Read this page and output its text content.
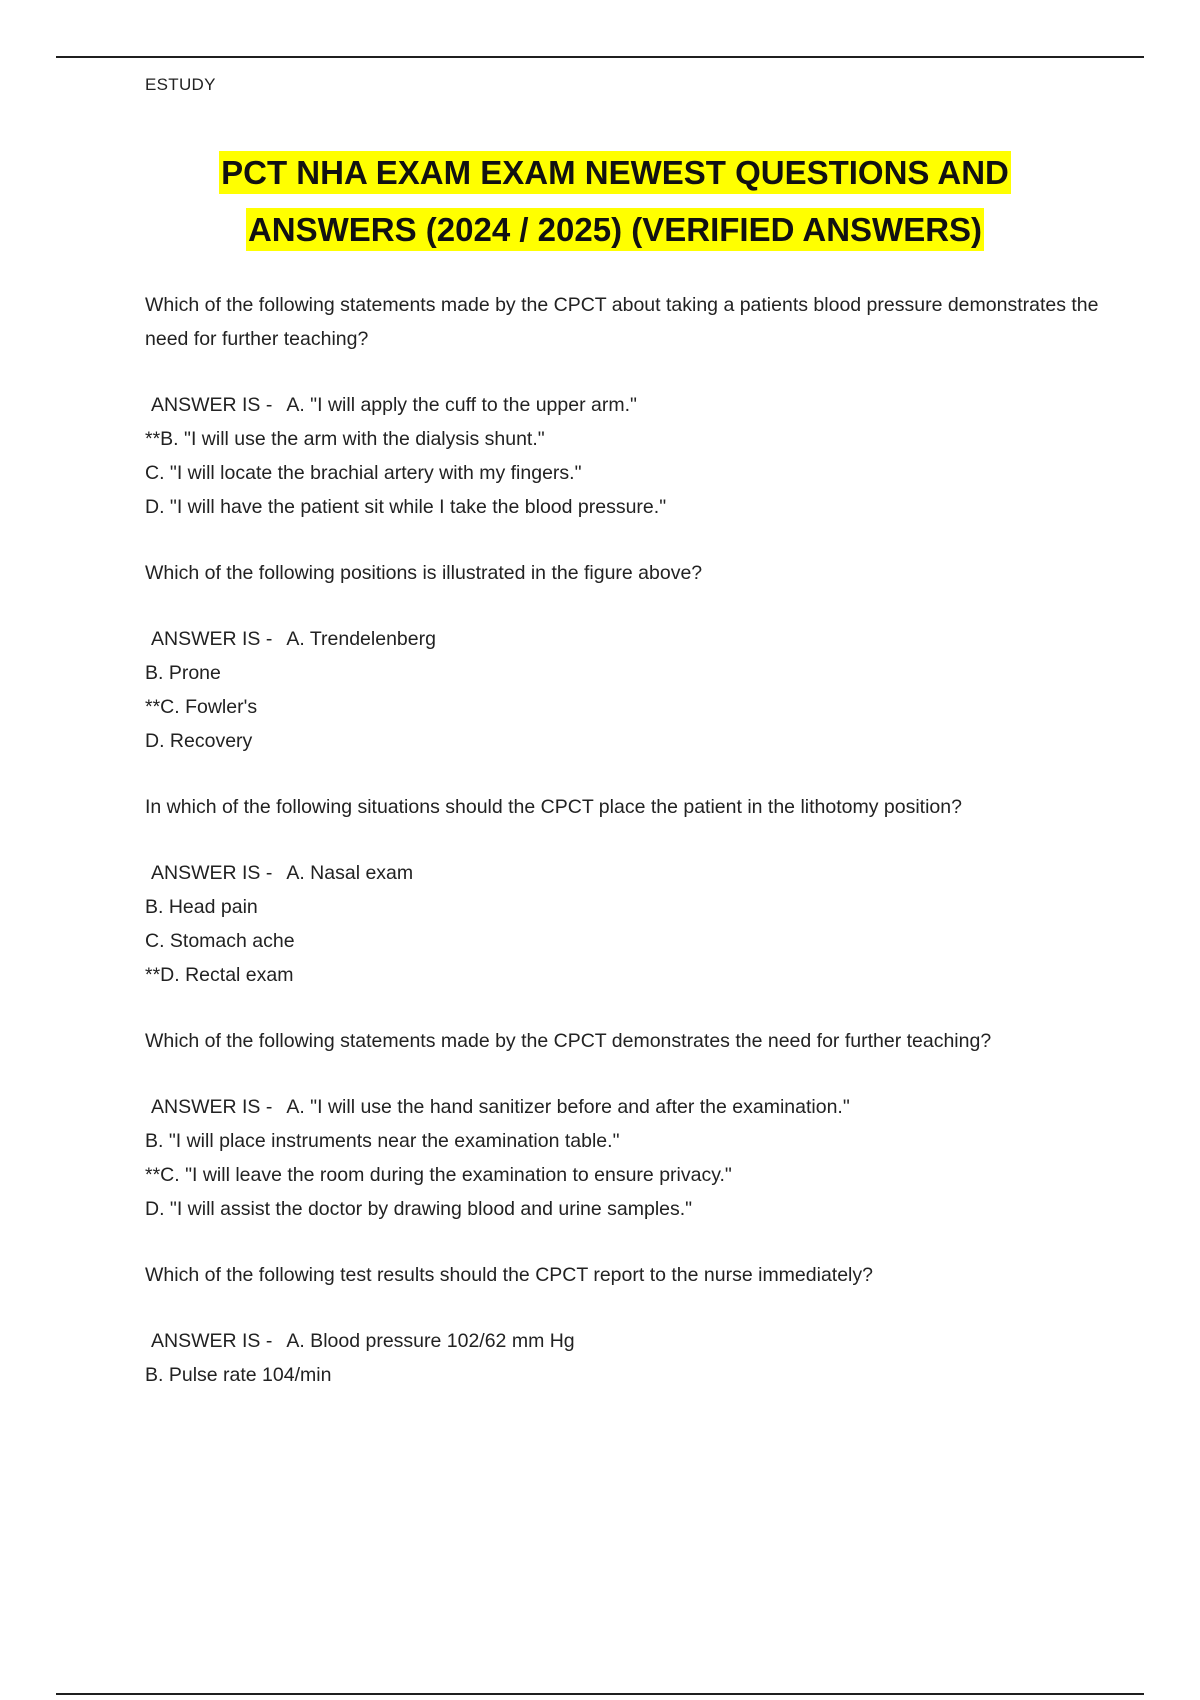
ESTUDY
PCT NHA EXAM EXAM NEWEST QUESTIONS AND
ANSWERS (2024 / 2025) (VERIFIED ANSWERS)
Which of the following statements made by the CPCT about taking a patients blood pressure demonstrates the need for further teaching?
ANSWER IS - A. "I will apply the cuff to the upper arm."
**B. "I will use the arm with the dialysis shunt."
C. "I will locate the brachial artery with my fingers."
D. "I will have the patient sit while I take the blood pressure."
Which of the following positions is illustrated in the figure above?
ANSWER IS - A. Trendelenberg
B. Prone
**C. Fowler's
D. Recovery
In which of the following situations should the CPCT place the patient in the lithotomy position?
ANSWER IS - A. Nasal exam
B. Head pain
C. Stomach ache
**D. Rectal exam
Which of the following statements made by the CPCT demonstrates the need for further teaching?
ANSWER IS - A. "I will use the hand sanitizer before and after the examination."
B. "I will place instruments near the examination table."
**C. "I will leave the room during the examination to ensure privacy."
D. "I will assist the doctor by drawing blood and urine samples."
Which of the following test results should the CPCT report to the nurse immediately?
ANSWER IS - A. Blood pressure 102/62 mm Hg
B. Pulse rate 104/min
